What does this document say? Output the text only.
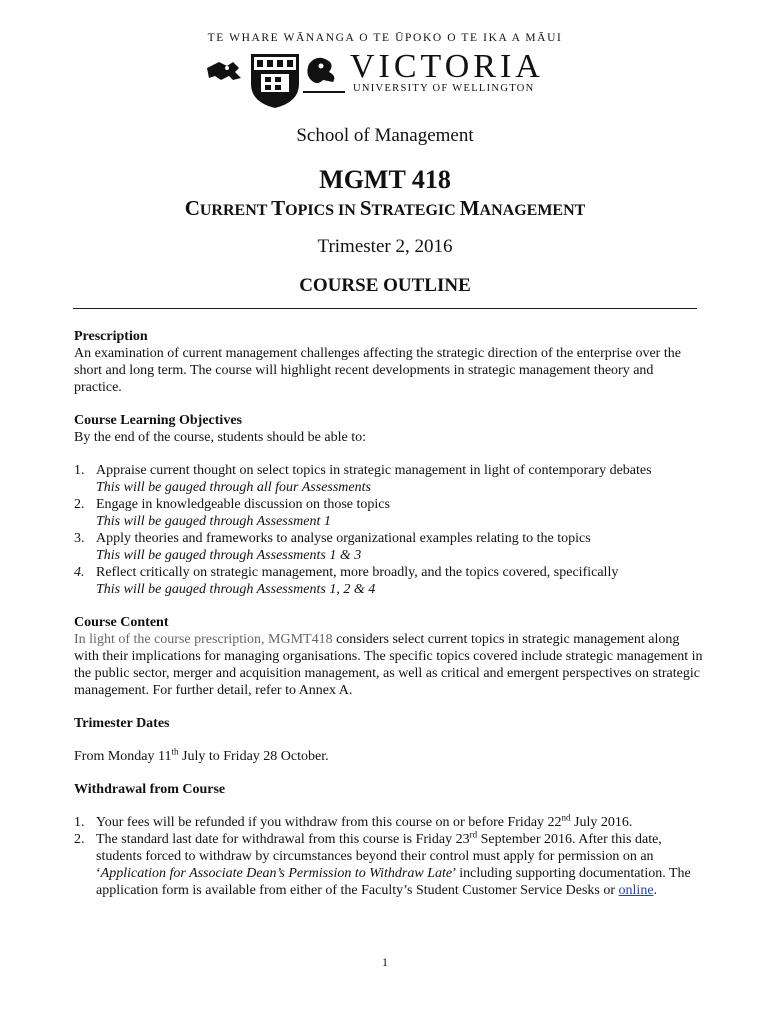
TE WHARE WĀNANGA O TE ŪPOKO O TE IKA A MĀUI
VICTORIA
UNIVERSITY OF WELLINGTON
School of Management
MGMT 418
CURRENT TOPICS IN STRATEGIC MANAGEMENT
Trimester 2, 2016
COURSE OUTLINE

Prescription

An examination of current management challenges affecting the strategic direction of the enterprise over the short and long term. The course will highlight recent developments in strategic management theory and practice.

Course Learning Objectives

By the end of the course, students should be able to:

1. Appraise current thought on select topics in strategic management in light of contemporary debates
This will be gauged through all four Assessments
2. Engage in knowledgeable discussion on those topics
This will be gauged through Assessment 1
3. Apply theories and frameworks to analyse organizational examples relating to the topics
This will be gauged through Assessments 1 & 3
4. Reflect critically on strategic management, more broadly, and the topics covered, specifically
This will be gauged through Assessments 1, 2 & 4

Course Content

In light of the course prescription, MGMT418 considers select current topics in strategic management along with their implications for managing organisations. The specific topics covered include strategic management in the public sector, merger and acquisition management, as well as critical and emergent perspectives on strategic management. For further detail, refer to Annex A.

Trimester Dates

From Monday 11th July to Friday 28 October.

Withdrawal from Course

1. Your fees will be refunded if you withdraw from this course on or before Friday 22nd July 2016.
2. The standard last date for withdrawal from this course is Friday 23rd September 2016. After this date, students forced to withdraw by circumstances beyond their control must apply for permission on an ‘Application for Associate Dean’s Permission to Withdraw Late’ including supporting documentation. The application form is available from either of the Faculty’s Student Customer Service Desks or online.
1
